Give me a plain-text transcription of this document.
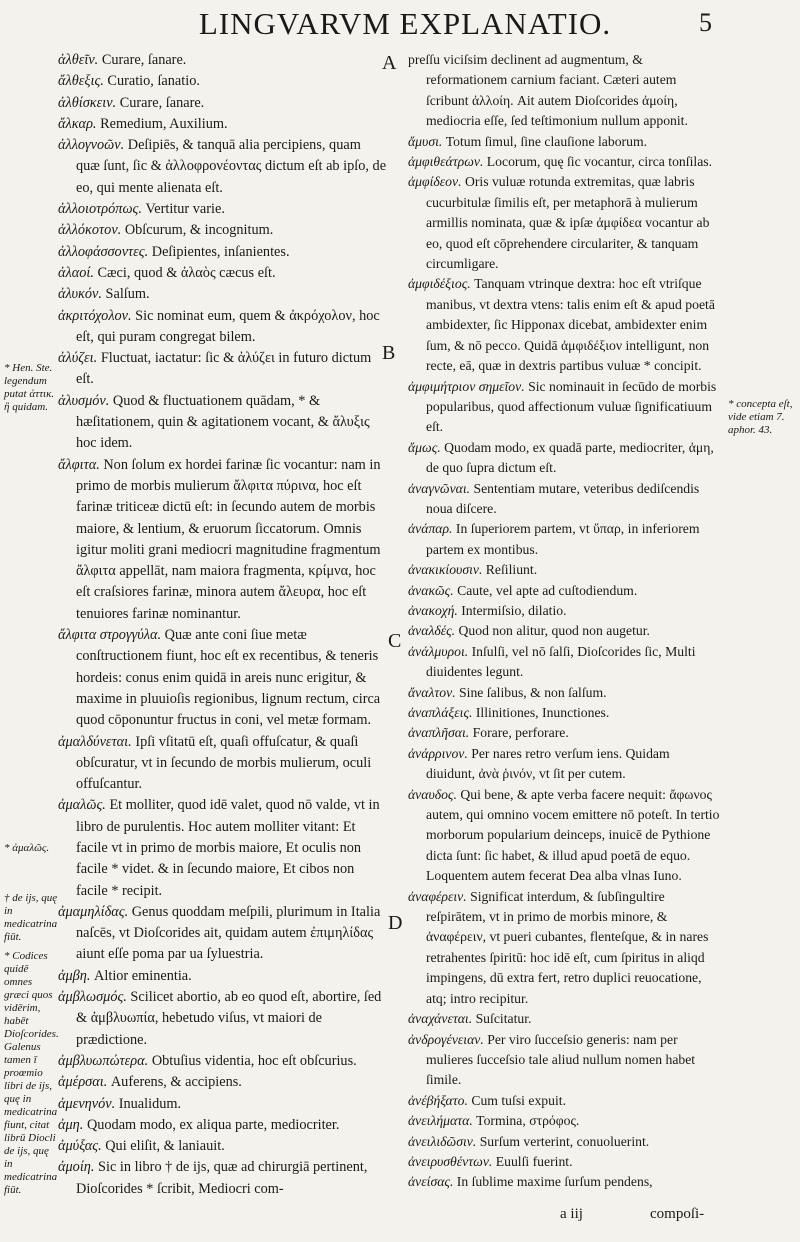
LINGVARVM EXPLANATIO.	5

ἀλθεῖν. Curare, ſanare.

ἄλθεξις. Curatio, ſanatio.

ἀλθίσκειν. Curare, ſanare.

ἄλκαρ. Remedium, Auxilium.

ἀλλογνοῶν. Deſipiēs, & tanquā alia percipiens, quam quæ ſunt, ſic & ἀλλοφρονέοντας dictum eſt ab ipſo, de eo, qui mente alienata eſt.

ἀλλοιοτρόπως. Vertitur varie.

ἀλλόκοτον. Obſcurum, & incognitum.

ἀλλοφάσσοντες. Deſipientes, inſanientes.

ἀλαοί. Cæci, quod & ἀλαὸς cæcus eſt.

ἀλυκόν. Salſum.

ἀκριτόχολον. Sic nominat eum, quem & ἀκρόχολον, hoc eſt, qui puram congregat bilem.

ἀλύζει. Fluctuat, iactatur: ſic & ἀλύζει in futuro dictum eſt.

ἀλυσμόν. Quod & fluctuationem quādam, * & hæſitationem, quin & agitationem vocant, & ἄλυξις hoc idem.

ἄλφιτα. Non ſolum ex hordei farinæ ſic vocantur: nam in primo de morbis mulierum ἄλφιτα πύρινα, hoc eſt farinæ triticeæ dictū eſt: in ſecundo autem de morbis maiore, & lentium, & eruorum ſiccatorum. Omnis igitur moliti grani mediocri magnitudine fragmentum ἄλφιτα appellāt, nam maiora fragmenta, κρίμνα, hoc eſt craſsiores farinæ, minora autem ἄλευρα, hoc eſt tenuiores farinæ nominantur.

ἄλφιτα στρογγύλα. Quæ ante coni ſiue metæ conſtructionem fiunt, hoc eſt ex recentibus, & teneris hordeis: conus enim quidā in areis nunc erigitur, & maxime in pluuioſis regionibus, lignum rectum, circa quod cōponuntur fructus in coni, vel metæ formam.

ἀμαλδύνεται. Ipſi vſitatū eſt, quaſi offuſcatur, & quaſi obſcuratur, vt in ſecundo de morbis mulierum, oculi offuſcantur.

ἀμαλῶς. Et molliter, quod idē valet, quod nō valde, vt in libro de purulentis. Hoc autem molliter vitant: Et facile vt in primo de morbis maiore, Et oculis non facile * videt. & in ſecundo maiore, Et cibos non facile * recipit.

ἀμαμηλίδας. Genus quoddam meſpili, plurimum in Italia naſcēs, vt Dioſcorides ait, quidam autem ἐπιμηλίδας aiunt eſſe poma par ua ſyluestria.

ἀμβη. Altior eminentia.

ἀμβλωσμός. Scilicet abortio, ab eo quod eſt, abortire, ſed & ἀμβλυωπία, hebetudo viſus, vt maiori de prædictione.

ἀμβλυωπώτερα. Obtuſius videntia, hoc eſt obſcurius.

ἀμέρσαι. Auferens, & accipiens.

ἀμενηνόν. Inualidum.

ἀμη. Quodam modo, ex aliqua parte, mediocriter.

ἀμύξας. Qui eliſit, & laniauit.

ἀμοίη. Sic in libro † de ijs, quæ ad chirurgiā pertinent, Dioſcorides * ſcribit, Mediocri com-

preſſu viciſsim declinent ad augmentum, & reformationem carnium faciant. Cæteri autem ſcribunt ἀλλοίη. Ait autem Dioſcorides ἀμοίη, mediocria eſſe, ſed teſtimonium nullum apponit.

ἄμυσι. Totum ſimul, ſine clauſione laborum.

ἀμφιθεάτρων. Locorum, quę ſic vocantur, circa tonſilas.

ἀμφίδεον. Oris vuluæ rotunda extremitas, quæ labris cucurbitulæ ſimilis eſt, per metaphorā à mulierum armillis nominata, quæ & ipſæ ἀμφίδεα vocantur ab eo, quod eſt cōprehendere circulariter, & tanquam circumligare.

ἀμφιδέξιος. Tanquam vtrinque dextra: hoc eſt vtriſque manibus, vt dextra vtens: talis enim eſt & apud poetā ambidexter, ſic Hipponax dicebat, ambidexter enim ſum, & nō pecco. Quidā ἀμφιδέξιον intelligunt, non recte, eā, quæ in dextris partibus vuluæ * concipit.

ἀμφιμήτριον σημεῖον. Sic nominauit in ſecūdo de morbis popularibus, quod affectionum vuluæ ſignificatiuum eſt.

ἄμως. Quodam modo, ex quadā parte, mediocriter, ἀμη, de quo ſupra dictum eſt.

ἀναγνῶναι. Sententiam mutare, veteribus dediſcendis noua diſcere.

ἀνάπαρ. In ſuperiorem partem, vt ὕπαρ, in inferiorem partem ex montibus.

ἀνακικίουσιν. Reſiliunt.

ἀνακῶς. Caute, vel apte ad cuſtodiendum.

ἀνακοχή. Intermiſsio, dilatio.

ἀναλδές. Quod non alitur, quod non augetur.

ἀνάλμυροι. Inſulſi, vel nō ſalſi, Dioſcorides ſic, Multi diuidentes legunt.

ἄναλτον. Sine ſalibus, & non ſalſum.

ἀναπλάξεις. Illinitiones, Inunctiones.

ἀναπλῆσαι. Forare, perforare.

ἀνάρρινον. Per nares retro verſum iens. Quidam diuidunt, ἀνὰ ῥινόν, vt ſit per cutem.

ἀναυδος. Qui bene, & apte verba facere nequit: ἄφωνος autem, qui omnino vocem emittere nō poteſt. In tertio morborum popularium deinceps, inuicē de Pythione dicta ſunt: ſic habet, & illud apud poetā de equo. Loquentem autem fecerat Dea alba vlnas Iuno.

ἀναφέρειν. Significat interdum, & ſubſingultire reſpirātem, vt in primo de morbis minore, & ἀναφέρειν, vt pueri cubantes, flenteſque, & in nares retrahentes ſpiritū: hoc idē eſt, cum ſpiritus in aliqd impingens, dū extra fert, retro duplici reuocatione, atq; intro recipitur.

ἀναχάνεται. Suſcitatur.

ἀνδρογένειαν. Per viro ſucceſsio generis: nam per mulieres ſucceſsio tale aliud nullum nomen habet ſimile.

ἀνέβήξατο. Cum tuſsi expuit.

ἀνειλήματα. Tormina, στρόφος.

ἀνειλιδῶσιν. Surſum verterint, conuoluerint.

ἀνειρυσθέντων. Euulſi fuerint.

ἀνείσας. In ſublime maxime ſurſum pendens,

A
B
C
D
* Hen. Ste. legendum putat ἀττικ. ἢ quidam.
* ἀμαλῶς.
† de ijs, quę in medicatrina fiūt.
* Codices quidē omnes græci quos vidērim, habēt Dioſcorides. Galenus tamen ī proœmio libri de ijs, quę in medicatrina fiunt, citat librū Diocli de ijs, quę in medicatrina fiūt.
* concepta eſt, vide etiam 7. aphor. 43.
a iij	compoſi-
